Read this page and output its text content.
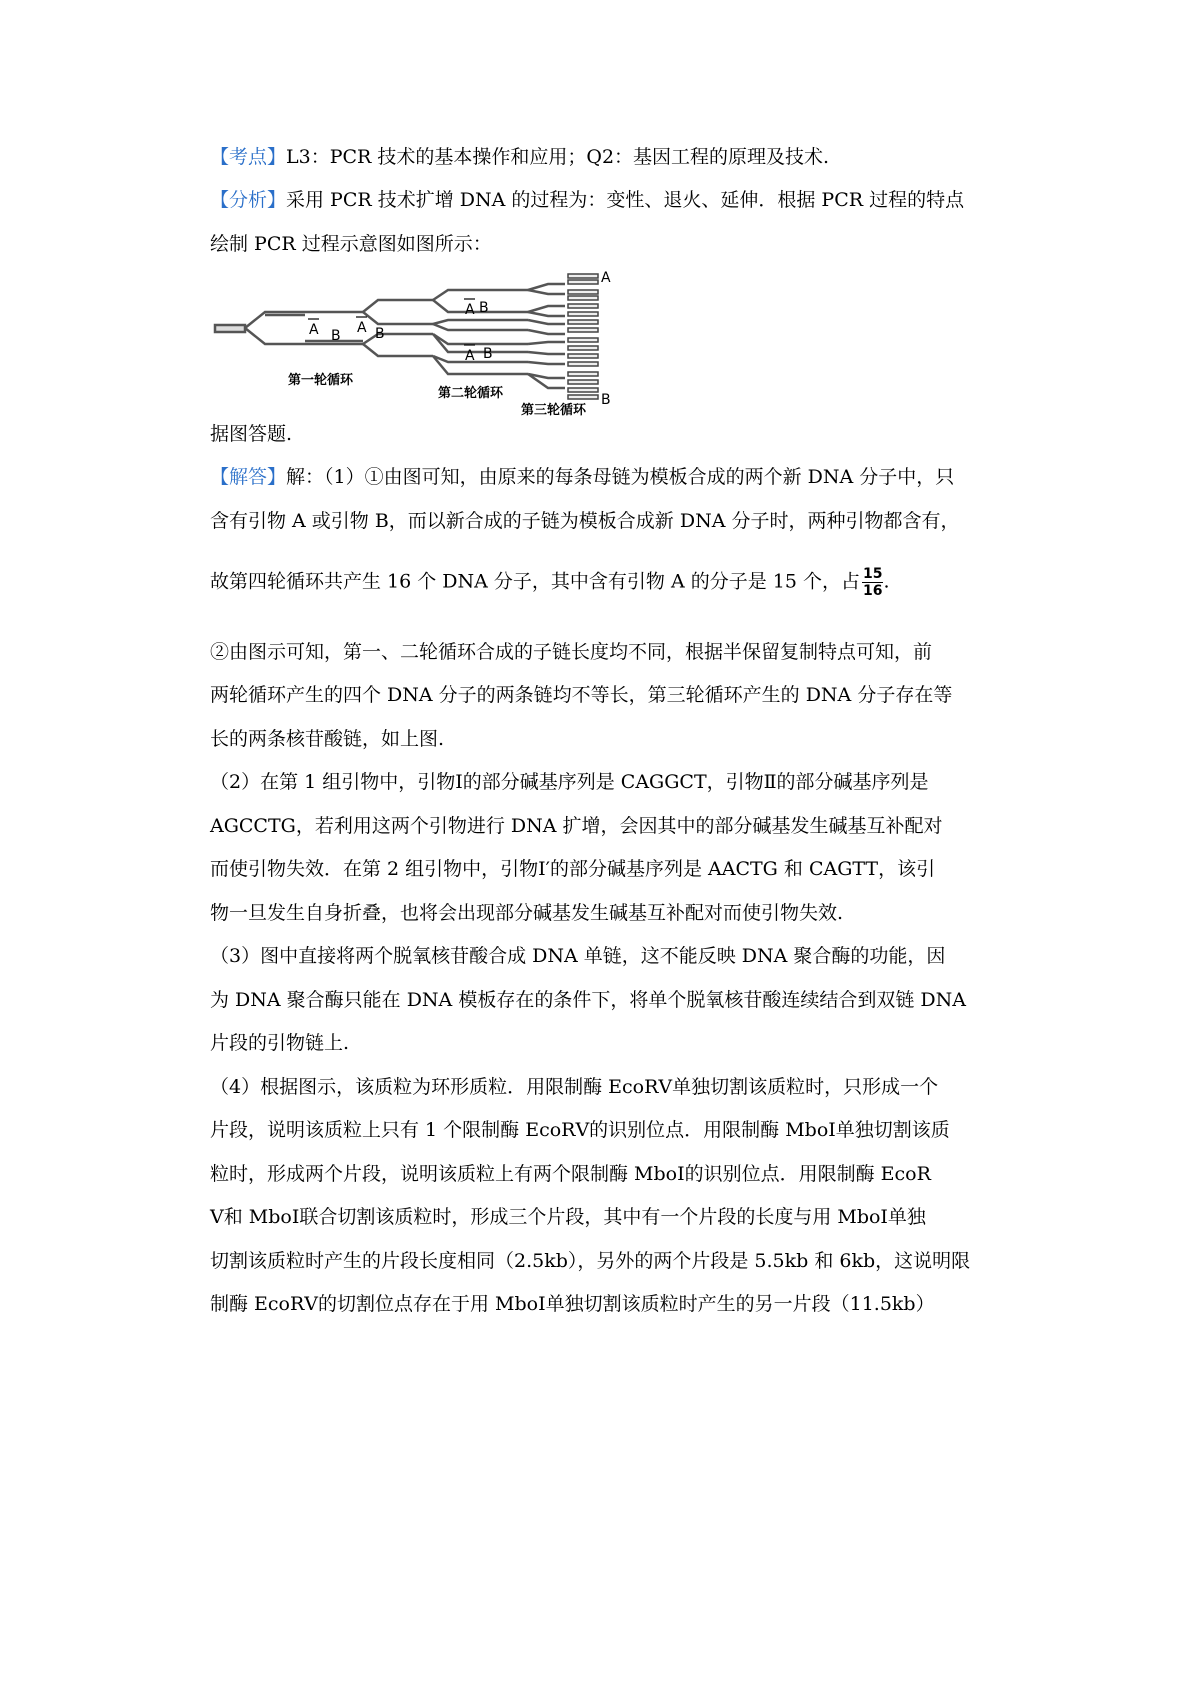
【考点】L3：PCR 技术的基本操作和应用；Q2：基因工程的原理及技术.
【分析】采用 PCR 技术扩增 DNA 的过程为：变性、退火、延伸．根据 PCR 过程的特点
绘制 PCR 过程示意图如图所示：
A
B
A B A B
A B
A B
第一轮循环
第二轮循环
第三轮循环
据图答题.
【解答】解：（1）①由图可知，由原来的每条母链为模板合成的两个新 DNA 分子中，只
含有引物 A 或引物 B，而以新合成的子链为模板合成新 DNA 分子时，两种引物都含有，
故第四轮循环共产生 16 个 DNA 分子，其中含有引物 A 的分子是 15 个，占 $\frac{15}{16}$ .
②由图示可知，第一、二轮循环合成的子链长度均不同，根据半保留复制特点可知，前
两轮循环产生的四个 DNA 分子的两条链均不等长，第三轮循环产生的 DNA 分子存在等
长的两条核苷酸链，如上图.
（2）在第 1 组引物中，引物Ⅰ的部分碱基序列是 CAGGCT，引物Ⅱ的部分碱基序列是
AGCCTG，若利用这两个引物进行 DNA 扩增，会因其中的部分碱基发生碱基互补配对
而使引物失效．在第 2 组引物中，引物Ⅰ′的部分碱基序列是 AACTG 和 CAGTT，该引
物一旦发生自身折叠，也将会出现部分碱基发生碱基互补配对而使引物失效.
（3）图中直接将两个脱氧核苷酸合成 DNA 单链，这不能反映 DNA 聚合酶的功能，因
为 DNA 聚合酶只能在 DNA 模板存在的条件下，将单个脱氧核苷酸连续结合到双链 DNA
片段的引物链上.
（4）根据图示，该质粒为环形质粒．用限制酶 EcoRⅤ单独切割该质粒时，只形成一个
片段，说明该质粒上只有 1 个限制酶 EcoRⅤ的识别位点．用限制酶 MboⅠ单独切割该质
粒时，形成两个片段，说明该质粒上有两个限制酶 MboⅠ的识别位点．用限制酶 EcoR
Ⅴ和 MboⅠ联合切割该质粒时，形成三个片段，其中有一个片段的长度与用 MboⅠ单独
切割该质粒时产生的片段长度相同（2.5kb），另外的两个片段是 5.5kb 和 6kb，这说明限
制酶 EcoRⅤ的切割位点存在于用 MboⅠ单独切割该质粒时产生的另一片段（11.5kb）
